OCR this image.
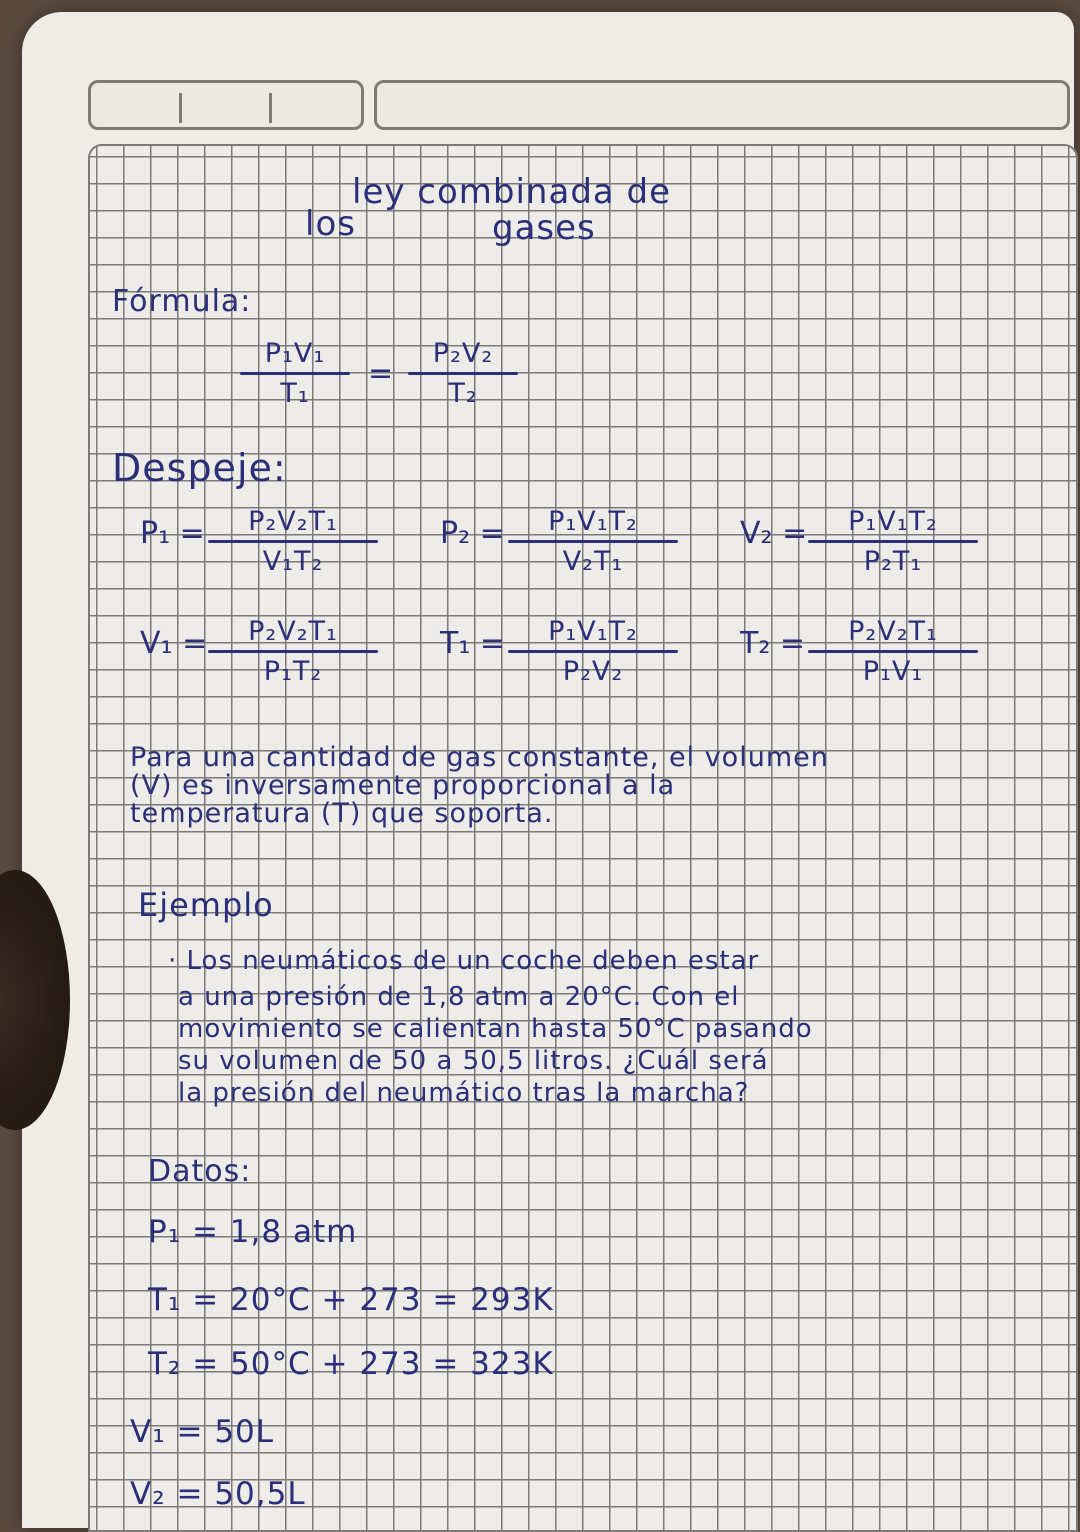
ley combinada de
los	gases
Fórmula:
P₁V₁
T₁
=
P₂V₂
T₂
Despeje:
P₁ =	P₂V₂T₁
V₁T₂
P₂ =	P₁V₁T₂
V₂T₁
V₂ =	P₁V₁T₂
P₂T₁
V₁ =	P₂V₂T₁
P₁T₂
T₁ =	P₁V₁T₂
P₂V₂
T₂ =	P₂V₂T₁
P₁V₁
Para una cantidad de gas constante, el volumen
(V) es inversamente proporcional a la
temperatura (T) que soporta.
Ejemplo
· Los neumáticos de un coche deben estar
a una presión de 1,8 atm a 20°C. Con el
movimiento se calientan hasta 50°C pasando
su volumen de 50 a 50,5 litros. ¿Cuál será
la presión del neumático tras la marcha?
Datos:
P₁ = 1,8 atm
T₁ = 20°C + 273 = 293K
T₂ = 50°C + 273 = 323K
V₁ = 50L
V₂ = 50,5L
